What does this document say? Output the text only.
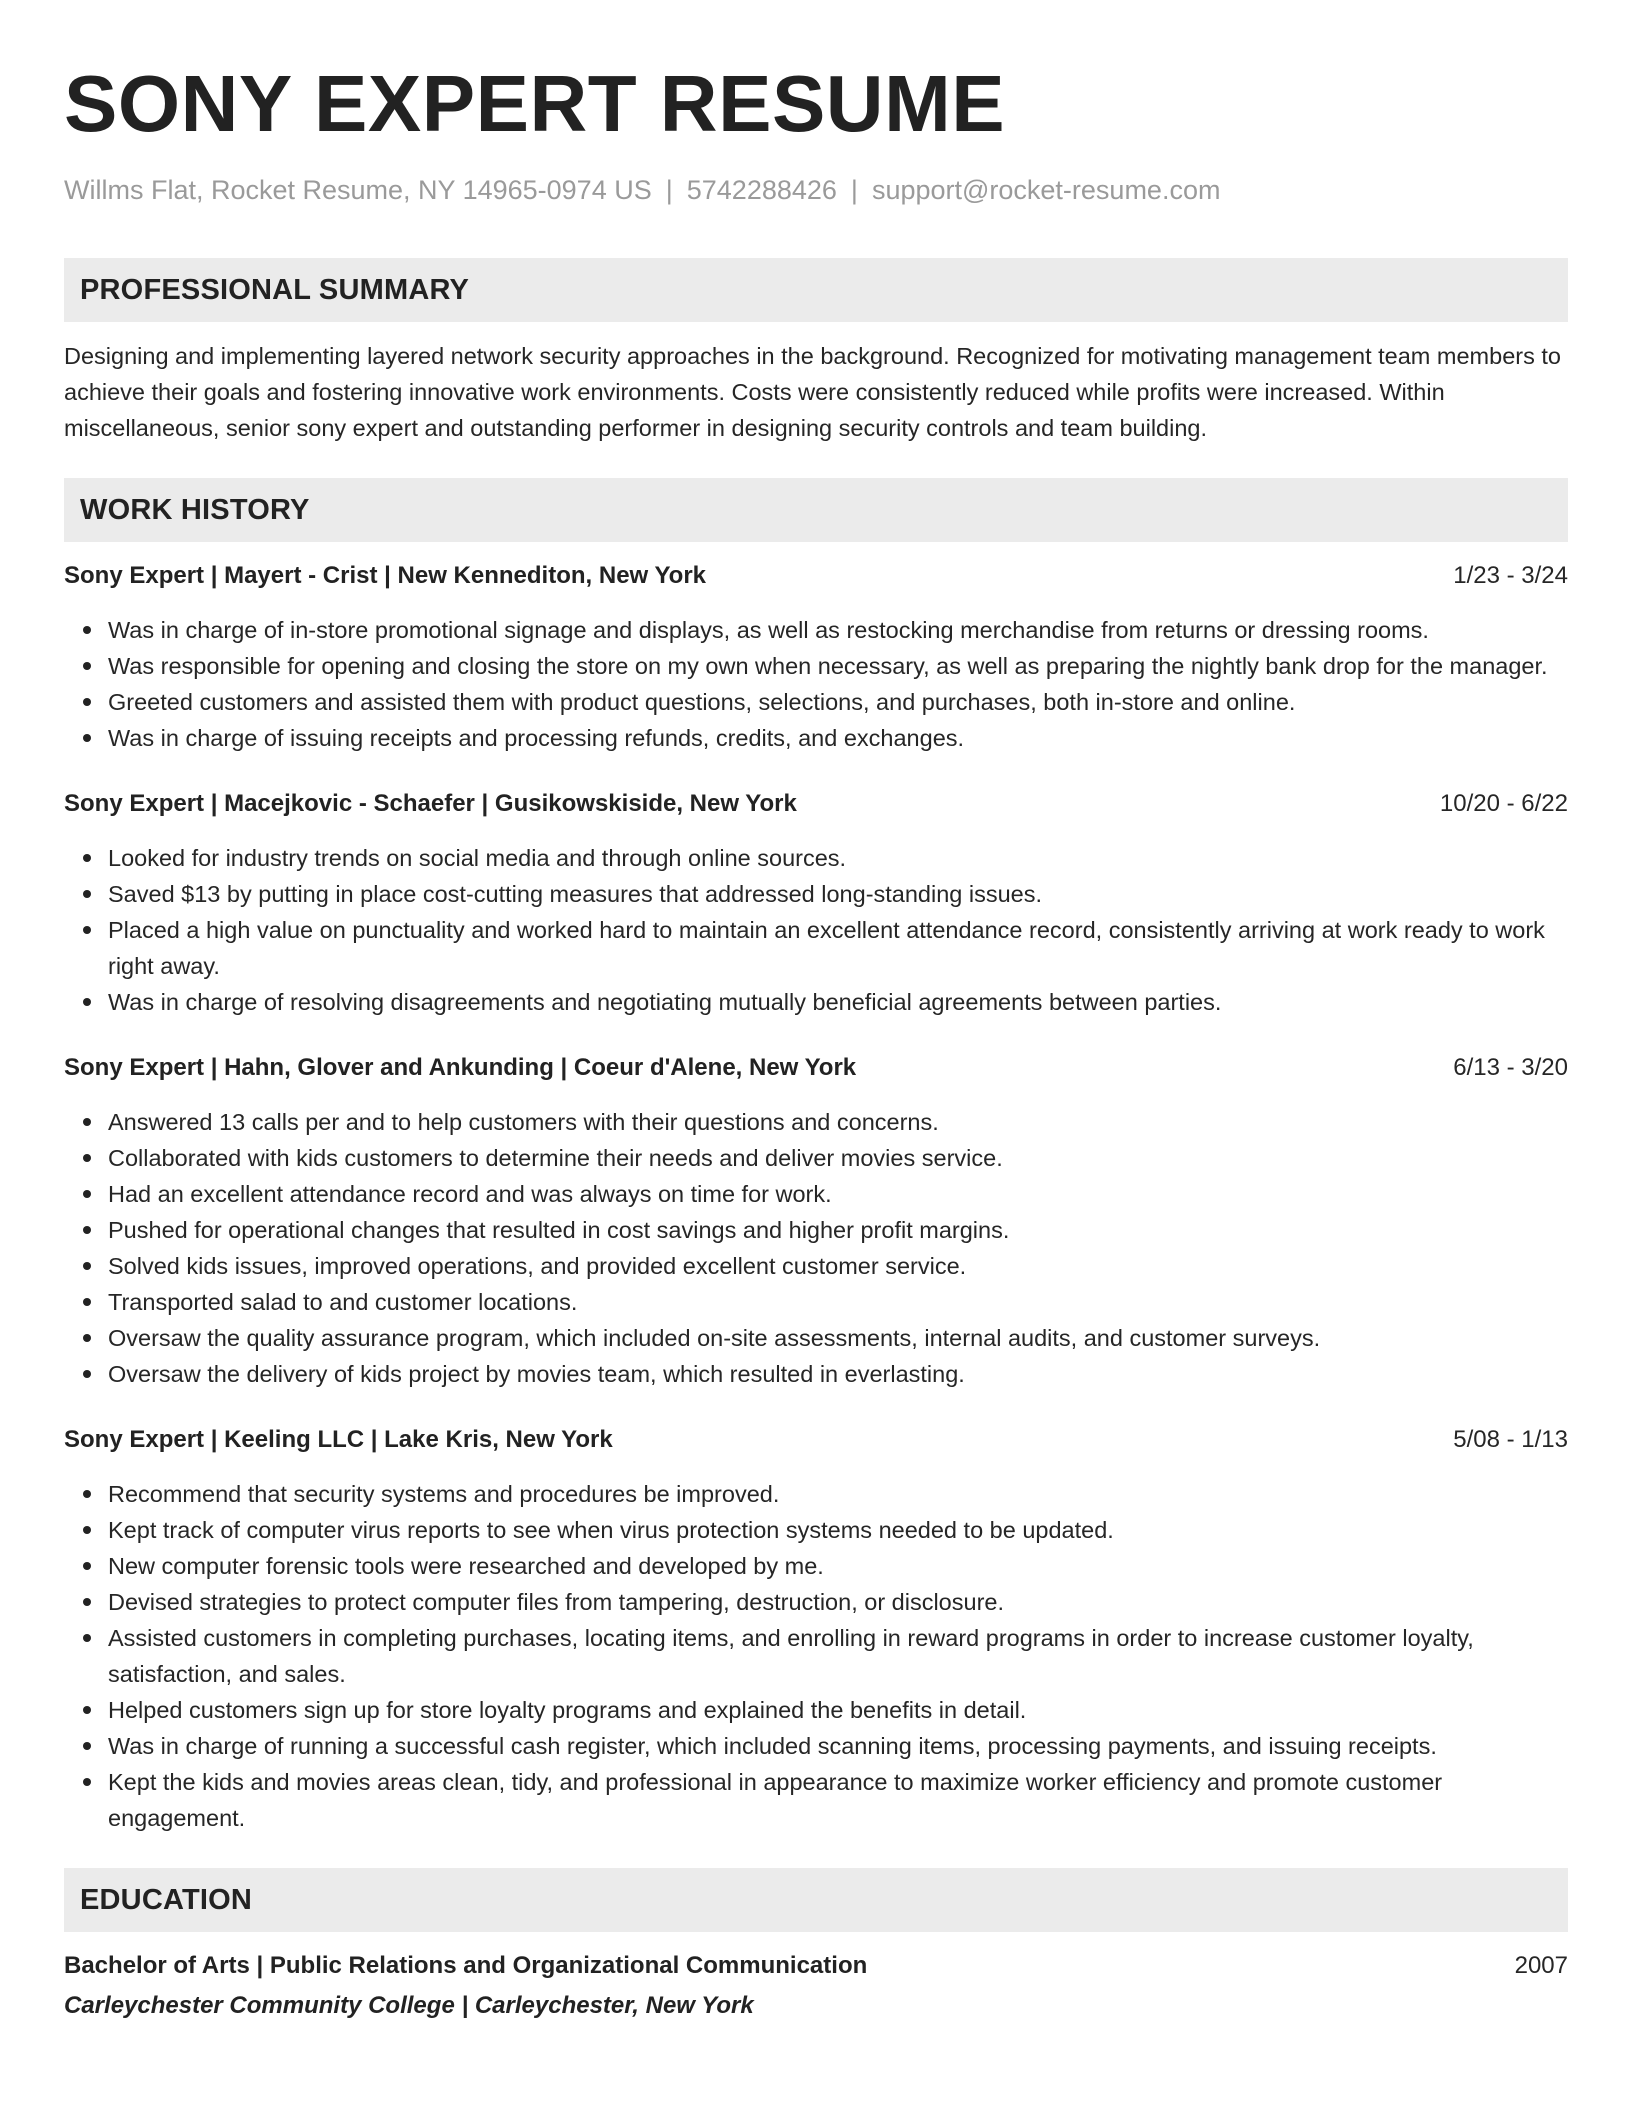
SONY EXPERT RESUME
Willms Flat, Rocket Resume, NY 14965-0974 US | 5742288426 | support@rocket-resume.com
PROFESSIONAL SUMMARY
Designing and implementing layered network security approaches in the background. Recognized for motivating management team members to achieve their goals and fostering innovative work environments. Costs were consistently reduced while profits were increased. Within miscellaneous, senior sony expert and outstanding performer in designing security controls and team building.
WORK HISTORY
Sony Expert | Mayert - Crist | New Kennediton, New York	1/23 - 3/24
Was in charge of in-store promotional signage and displays, as well as restocking merchandise from returns or dressing rooms.
Was responsible for opening and closing the store on my own when necessary, as well as preparing the nightly bank drop for the manager.
Greeted customers and assisted them with product questions, selections, and purchases, both in-store and online.
Was in charge of issuing receipts and processing refunds, credits, and exchanges.
Sony Expert | Macejkovic - Schaefer | Gusikowskiside, New York	10/20 - 6/22
Looked for industry trends on social media and through online sources.
Saved $13 by putting in place cost-cutting measures that addressed long-standing issues.
Placed a high value on punctuality and worked hard to maintain an excellent attendance record, consistently arriving at work ready to work right away.
Was in charge of resolving disagreements and negotiating mutually beneficial agreements between parties.
Sony Expert | Hahn, Glover and Ankunding | Coeur d'Alene, New York	6/13 - 3/20
Answered 13 calls per and to help customers with their questions and concerns.
Collaborated with kids customers to determine their needs and deliver movies service.
Had an excellent attendance record and was always on time for work.
Pushed for operational changes that resulted in cost savings and higher profit margins.
Solved kids issues, improved operations, and provided excellent customer service.
Transported salad to and customer locations.
Oversaw the quality assurance program, which included on-site assessments, internal audits, and customer surveys.
Oversaw the delivery of kids project by movies team, which resulted in everlasting.
Sony Expert | Keeling LLC | Lake Kris, New York	5/08 - 1/13
Recommend that security systems and procedures be improved.
Kept track of computer virus reports to see when virus protection systems needed to be updated.
New computer forensic tools were researched and developed by me.
Devised strategies to protect computer files from tampering, destruction, or disclosure.
Assisted customers in completing purchases, locating items, and enrolling in reward programs in order to increase customer loyalty, satisfaction, and sales.
Helped customers sign up for store loyalty programs and explained the benefits in detail.
Was in charge of running a successful cash register, which included scanning items, processing payments, and issuing receipts.
Kept the kids and movies areas clean, tidy, and professional in appearance to maximize worker efficiency and promote customer engagement.
EDUCATION
Bachelor of Arts | Public Relations and Organizational Communication	2007
Carleychester Community College | Carleychester, New York
